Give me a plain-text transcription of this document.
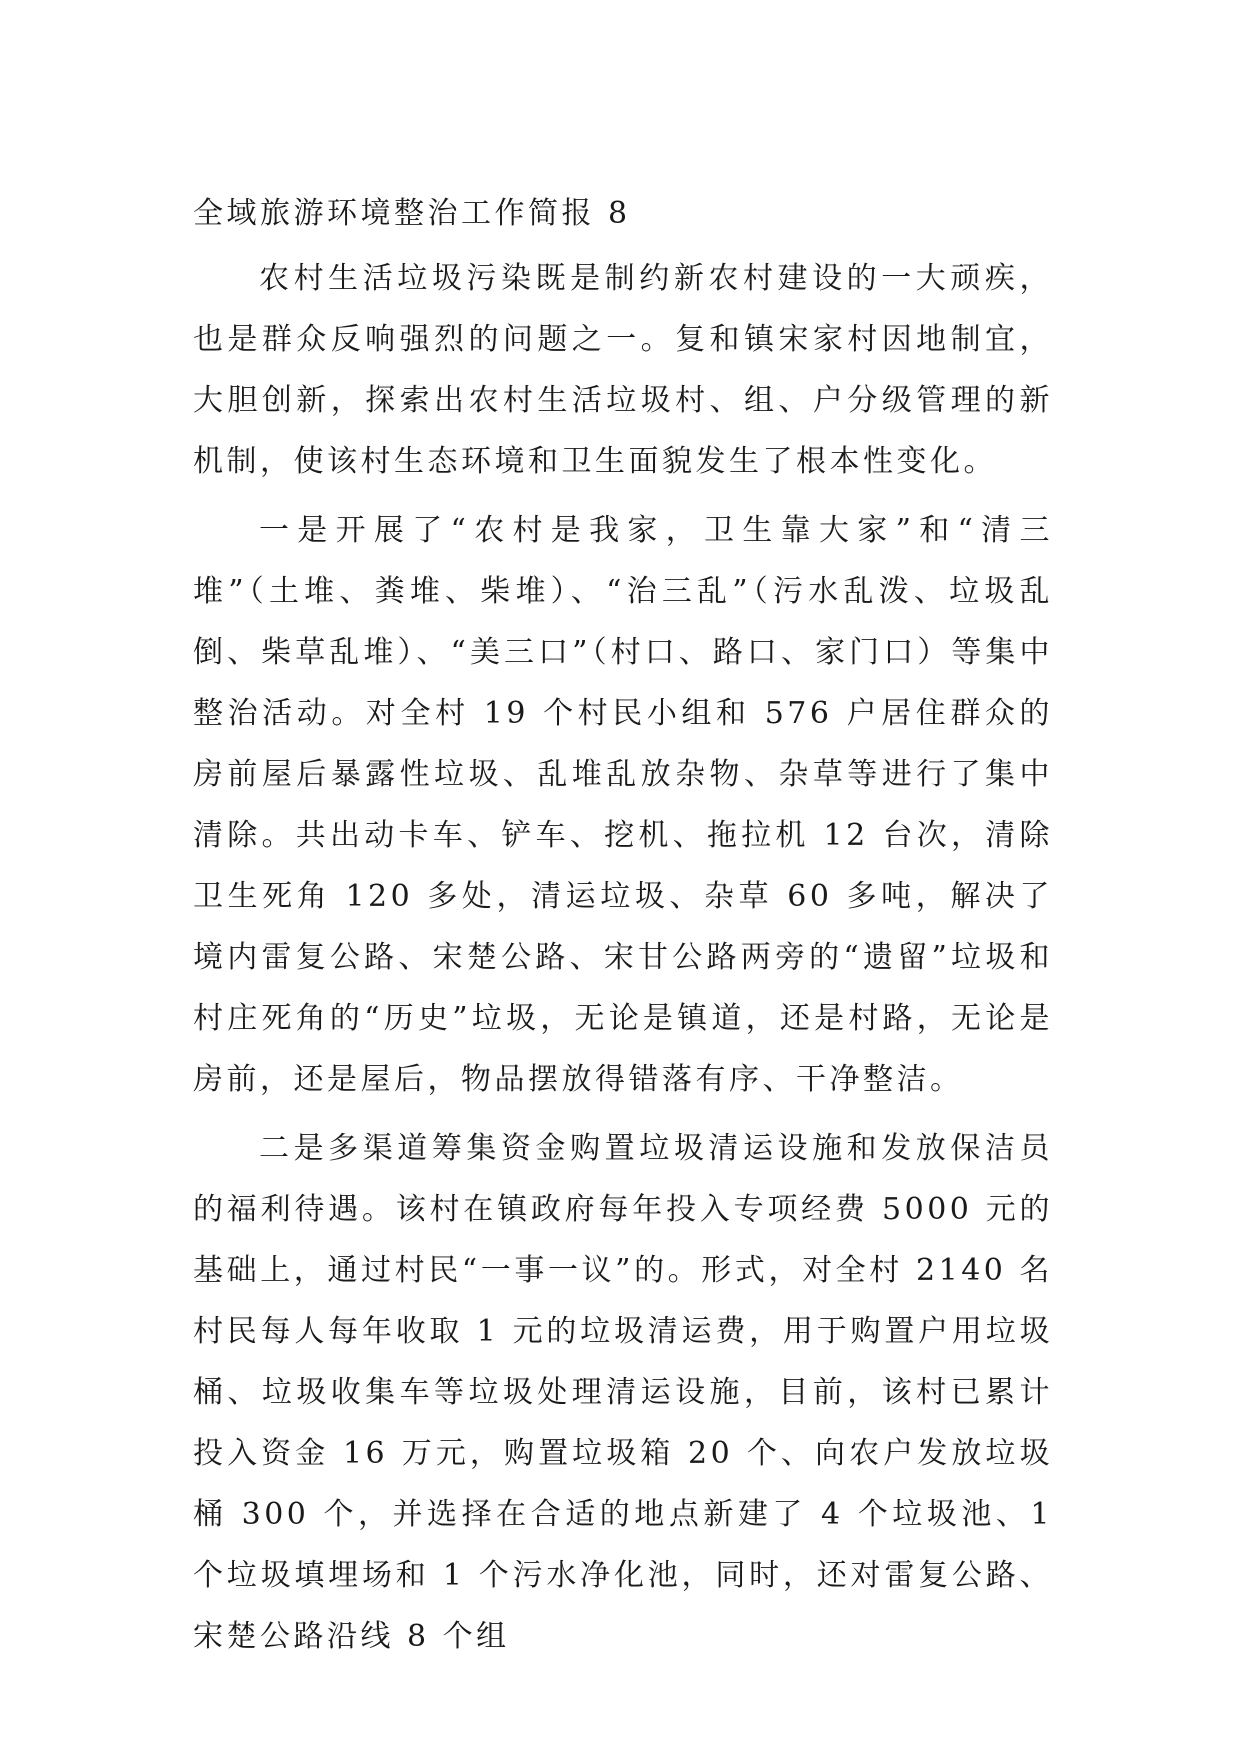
全域旅游环境整治工作简报 8

农村生活垃圾污染既是制约新农村建设的一大顽疾，也是群众反响强烈的问题之一。复和镇宋家村因地制宜，大胆创新，探索出农村生活垃圾村、组、户分级管理的新机制，使该村生态环境和卫生面貌发生了根本性变化。

一是开展了“农村是我家，卫生靠大家”和“清三堆”（土堆、粪堆、柴堆）、“治三乱”（污水乱泼、垃圾乱倒、柴草乱堆）、“美三口”（村口、路口、家门口）等集中整治活动。对全村 19 个村民小组和 576 户居住群众的房前屋后暴露性垃圾、乱堆乱放杂物、杂草等进行了集中清除。共出动卡车、铲车、挖机、拖拉机 12 台次，清除卫生死角 120 多处，清运垃圾、杂草 60 多吨，解决了境内雷复公路、宋楚公路、宋甘公路两旁的“遗留”垃圾和村庄死角的“历史”垃圾，无论是镇道，还是村路，无论是房前，还是屋后，物品摆放得错落有序、干净整洁。

二是多渠道筹集资金购置垃圾清运设施和发放保洁员的福利待遇。该村在镇政府每年投入专项经费 5000 元的基础上，通过村民“一事一议”的。形式，对全村 2140 名村民每人每年收取 1 元的垃圾清运费，用于购置户用垃圾桶、垃圾收集车等垃圾处理清运设施，目前，该村已累计投入资金 16 万元，购置垃圾箱 20 个、向农户发放垃圾桶 300 个，并选择在合适的地点新建了 4 个垃圾池、1 个垃圾填埋场和 1 个污水净化池，同时，还对雷复公路、宋楚公路沿线 8 个组
